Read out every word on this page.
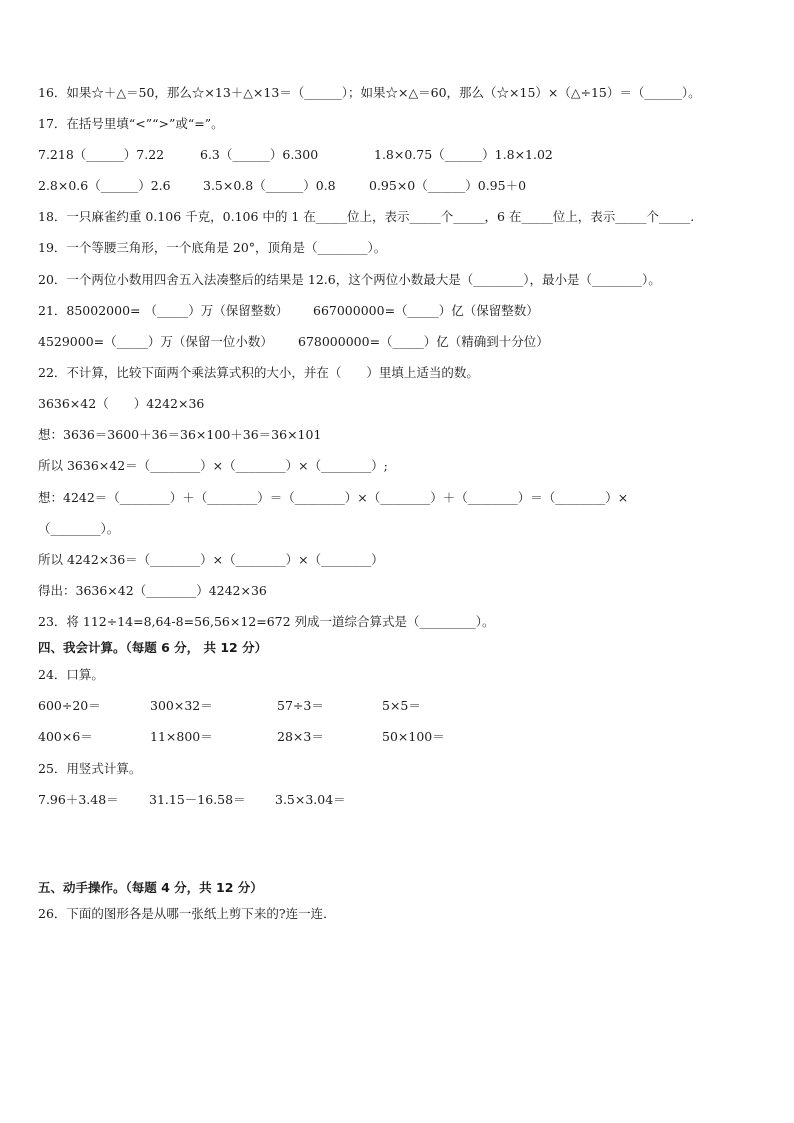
16．如果☆＋△＝50，那么☆×13＋△×13＝（______）；如果☆×△＝60，那么（☆×15）×（△÷15）＝（______）。
17．在括号里填“<”“>”或“=”。
7.218（______）7.22	6.3（______）6.300	1.8×0.75（______）1.8×1.02
2.8×0.6（______）2.6	3.5×0.8（______）0.8	0.95×0（______）0.95＋0
18．一只麻雀约重 0.106 千克，0.106 中的 1 在_____位上，表示_____个_____，6 在_____位上，表示_____个_____.
19．一个等腰三角形，一个底角是 20°，顶角是（________）。
20．一个两位小数用四舍五入法凑整后的结果是 12.6，这个两位小数最大是（________），最小是（________）。
21．85002000= （_____）万（保留整数） 667000000=（_____）亿（保留整数）
4529000=（_____）万（保留一位小数） 678000000=（_____）亿（精确到十分位）
22．不计算，比较下面两个乘法算式积的大小，并在（　　）里填上适当的数。
3636×42（　　）4242×36
想：3636＝3600＋36＝36×100＋36＝36×101
所以 3636×42＝（________）×（________）×（________）;
想：4242＝（________）＋（________）＝（________）×（________）＋（________）＝（________）×
（________）。
所以 4242×36＝（________）×（________）×（________）
得出：3636×42（________）4242×36
23．将 112÷14=8,64-8=56,56×12=672 列成一道综合算式是（_________）。
四、我会计算。（每题 6 分， 共 12 分）
24．口算。
600÷20＝	300×32＝	57÷3＝	5×5＝
400×6＝	11×800＝	28×3＝	50×100＝
25．用竖式计算。
7.96＋3.48＝ 31.15－16.58＝ 3.5×3.04＝
五、动手操作。（每题 4 分，共 12 分）
26．下面的图形各是从哪一张纸上剪下来的?连一连．
